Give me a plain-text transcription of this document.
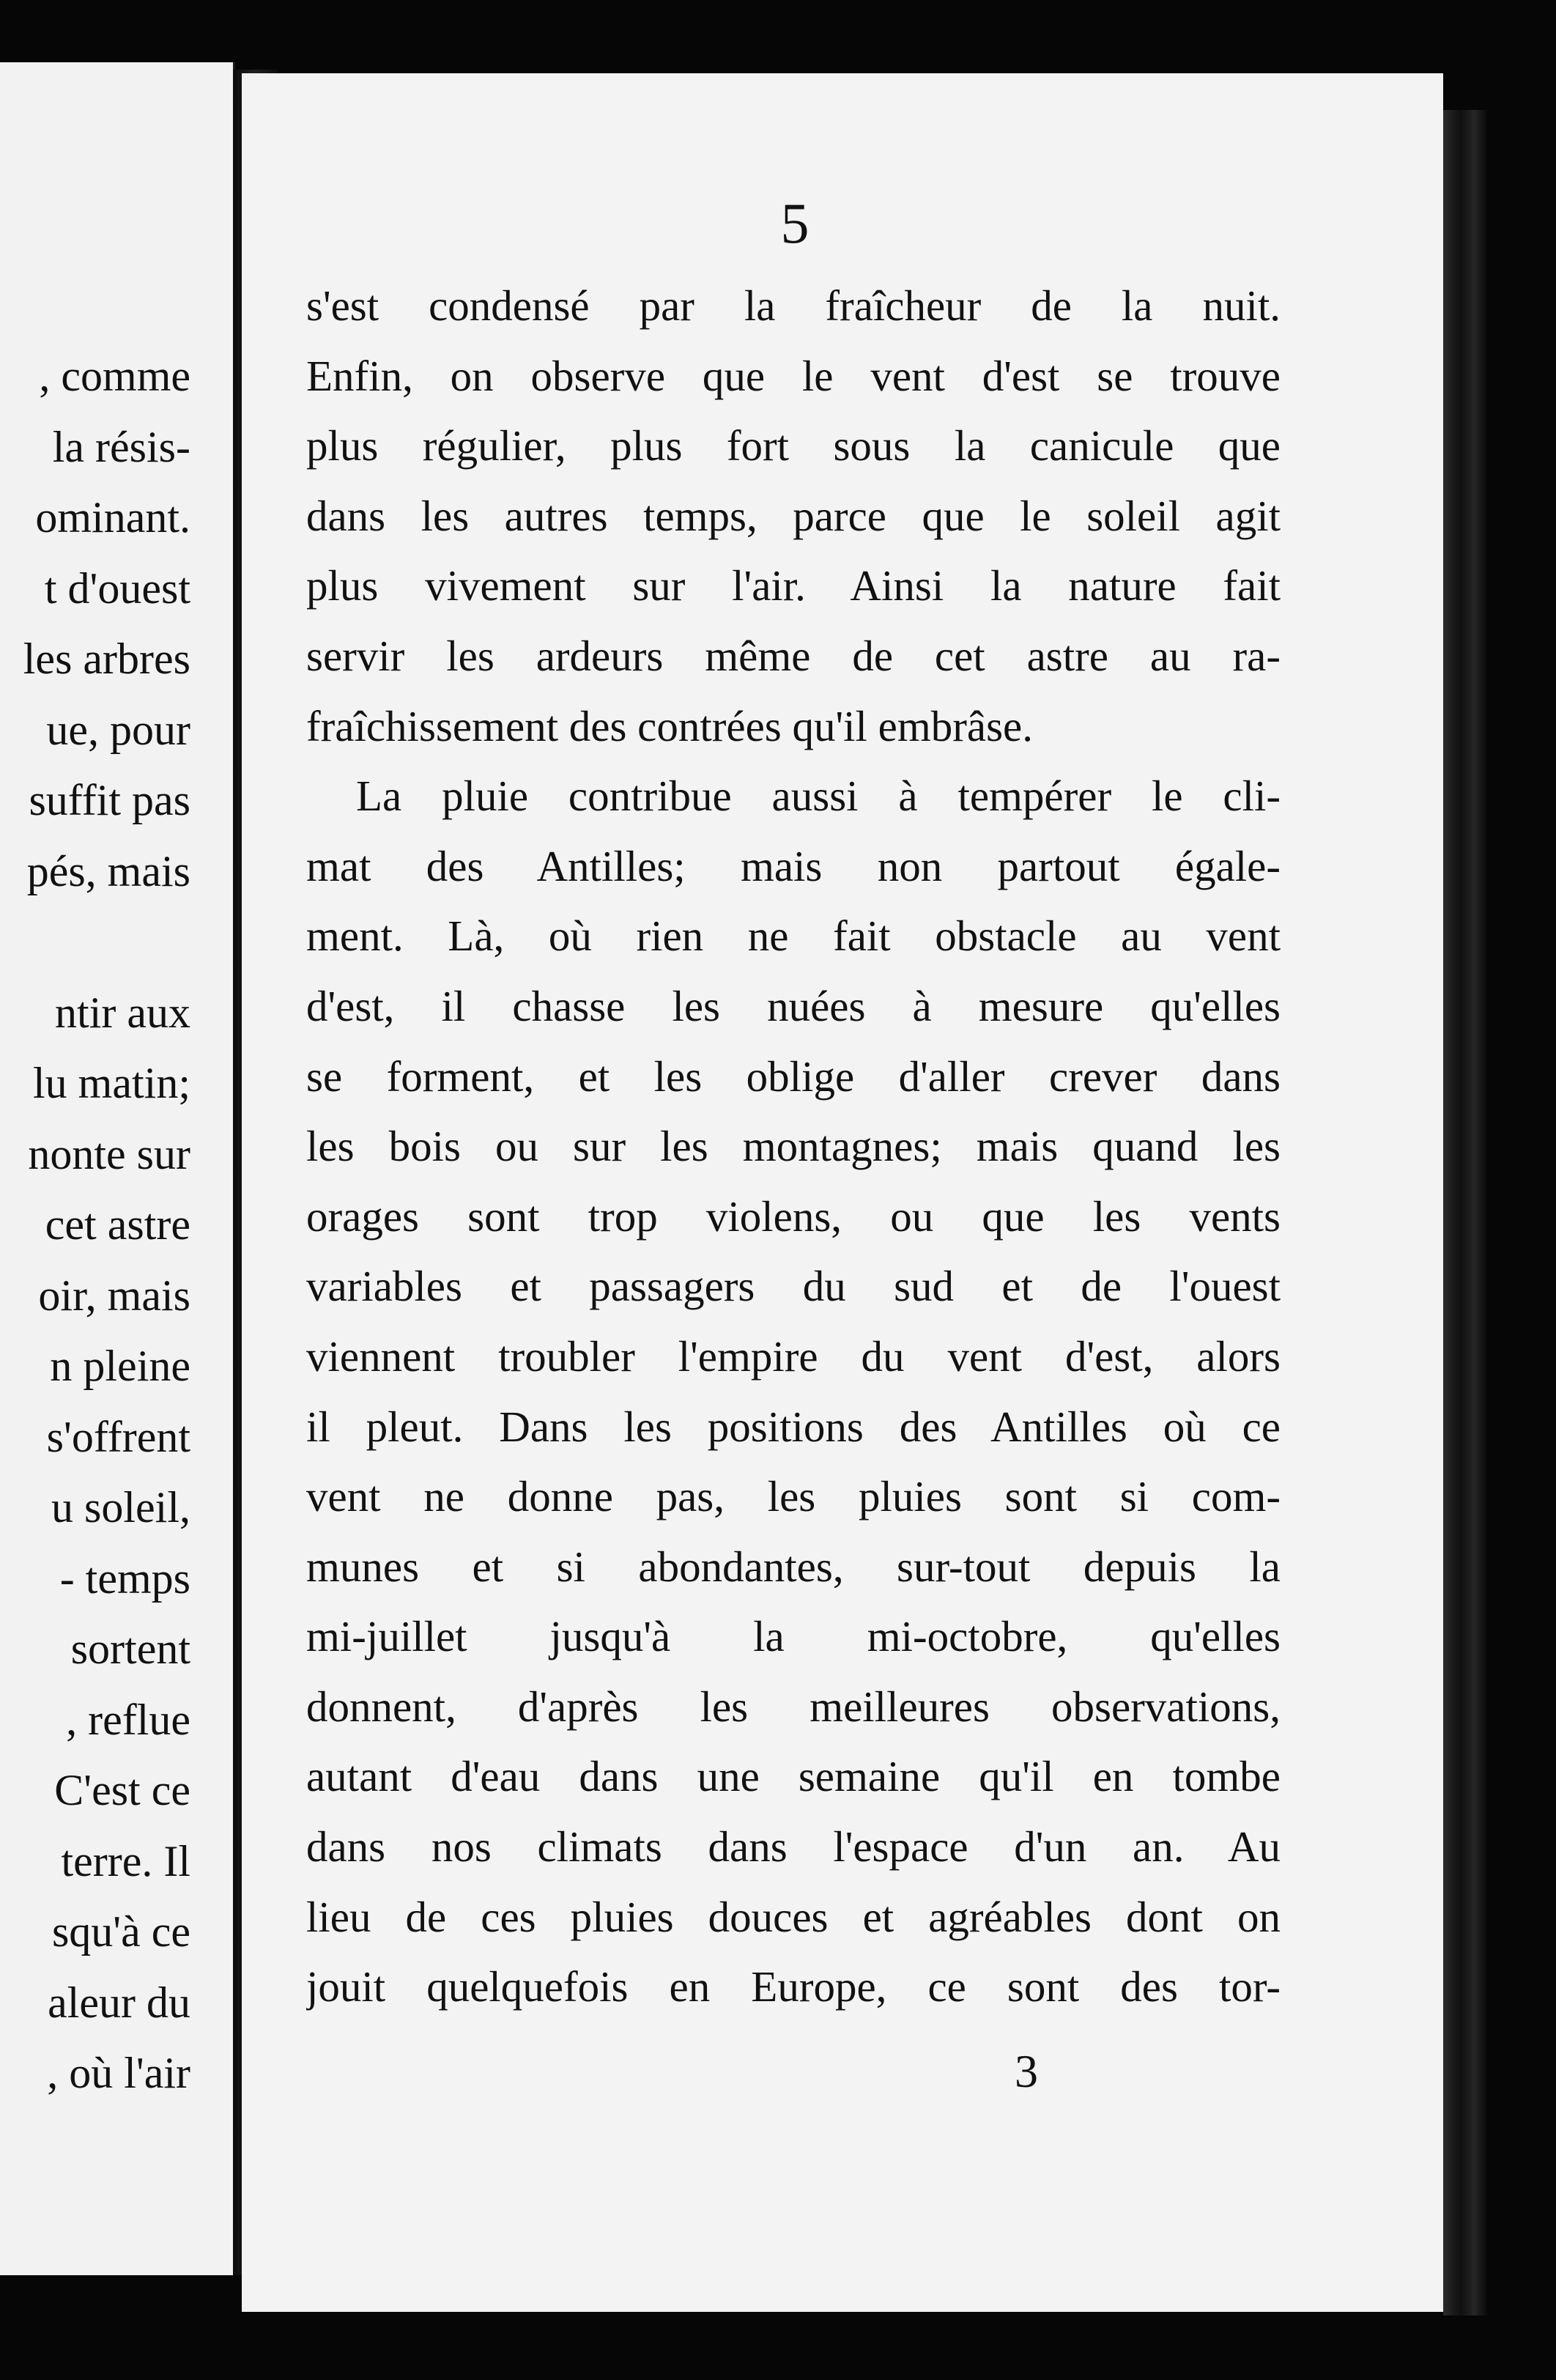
, comme
la résis-
ominant.
t d'ouest
les arbres
ue, pour
suffit pas
pés, mais
ntir aux
lu matin;
nonte sur
cet astre
oir, mais
n pleine
s'offrent
u soleil,
- temps
sortent
, reflue
C'est ce
terre. Il
squ'à ce
aleur du
, où l'air
5
s'est condensé par la fraîcheur de la nuit.
Enfin, on observe que le vent d'est se trouve
plus régulier, plus fort sous la canicule que
dans les autres temps, parce que le soleil agit
plus vivement sur l'air. Ainsi la nature fait
servir les ardeurs même de cet astre au ra-
fraîchissement des contrées qu'il embrâse.
La pluie contribue aussi à tempérer le cli-
mat des Antilles; mais non partout égale-
ment. Là, où rien ne fait obstacle au vent
d'est, il chasse les nuées à mesure qu'elles
se forment, et les oblige d'aller crever dans
les bois ou sur les montagnes; mais quand les
orages sont trop violens, ou que les vents
variables et passagers du sud et de l'ouest
viennent troubler l'empire du vent d'est, alors
il pleut. Dans les positions des Antilles où ce
vent ne donne pas, les pluies sont si com-
munes et si abondantes, sur-tout depuis la
mi-juillet jusqu'à la mi-octobre, qu'elles
donnent, d'après les meilleures observations,
autant d'eau dans une semaine qu'il en tombe
dans nos climats dans l'espace d'un an. Au
lieu de ces pluies douces et agréables dont on
jouit quelquefois en Europe, ce sont des tor-
3
